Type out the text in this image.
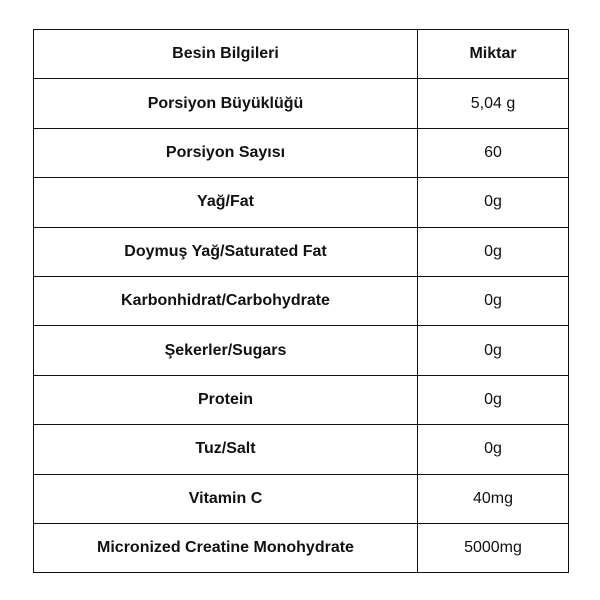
Besin Bilgileri	Miktar
Porsiyon Büyüklüğü	5,04 g
Porsiyon Sayısı	60
Yağ/Fat	0g
Doymuş Yağ/Saturated Fat	0g
Karbonhidrat/Carbohydrate	0g
Şekerler/Sugars	0g
Protein	0g
Tuz/Salt	0g
Vitamin C	40mg
Micronized Creatine Monohydrate	5000mg
